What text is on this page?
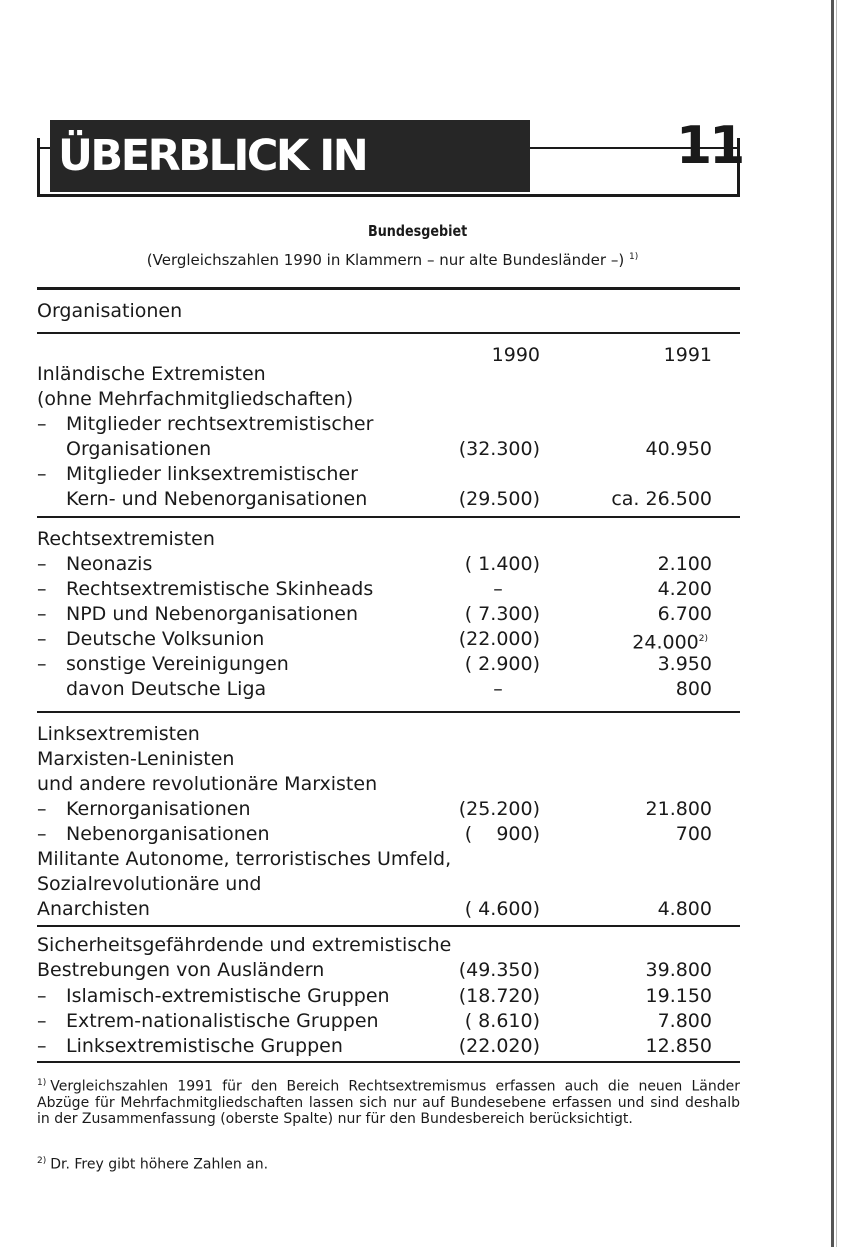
ÜBERBLICK IN ZAHLEN
11
Bundesgebiet
(Vergleichszahlen 1990 in Klammern – nur alte Bundesländer –) $^{1)}$
Organisationen
1990	1991
Inländische Extremisten
(ohne Mehrfachmitgliedschaften)
– Mitglieder rechtsextremistischer
Organisationen	(32.300)	40.950
– Mitglieder linksextremistischer
Kern- und Nebenorganisationen	(29.500)	ca. 26.500
Rechtsextremisten
– Neonazis	( 1.400)	2.100
– Rechtsextremistische Skinheads	–	4.200
– NPD und Nebenorganisationen	( 7.300)	6.700
– Deutsche Volksunion	(22.000)	24.000$^{2)}$
– sonstige Vereinigungen	( 2.900)	3.950
davon Deutsche Liga	–	800
Linksextremisten
Marxisten-Leninisten
und andere revolutionäre Marxisten
– Kernorganisationen	(25.200)	21.800
– Nebenorganisationen	(    900)	700
Militante Autonome, terroristisches Umfeld,
Sozialrevolutionäre und
Anarchisten	( 4.600)	4.800
Sicherheitsgefährdende und extremistische
Bestrebungen von Ausländern	(49.350)	39.800
– Islamisch-extremistische Gruppen	(18.720)	19.150
– Extrem-nationalistische Gruppen	( 8.610)	7.800
– Linksextremistische Gruppen	(22.020)	12.850
$^{1)}$ Vergleichszahlen 1991 für den Bereich Rechtsextremismus erfassen auch die neuen Länder Abzüge für Mehrfachmitgliedschaften lassen sich nur auf Bundesebene erfassen und sind deshalb in der Zusammenfassung (oberste Spalte) nur für den Bundesbereich berücksichtigt.
$^{2)}$ Dr. Frey gibt höhere Zahlen an.
